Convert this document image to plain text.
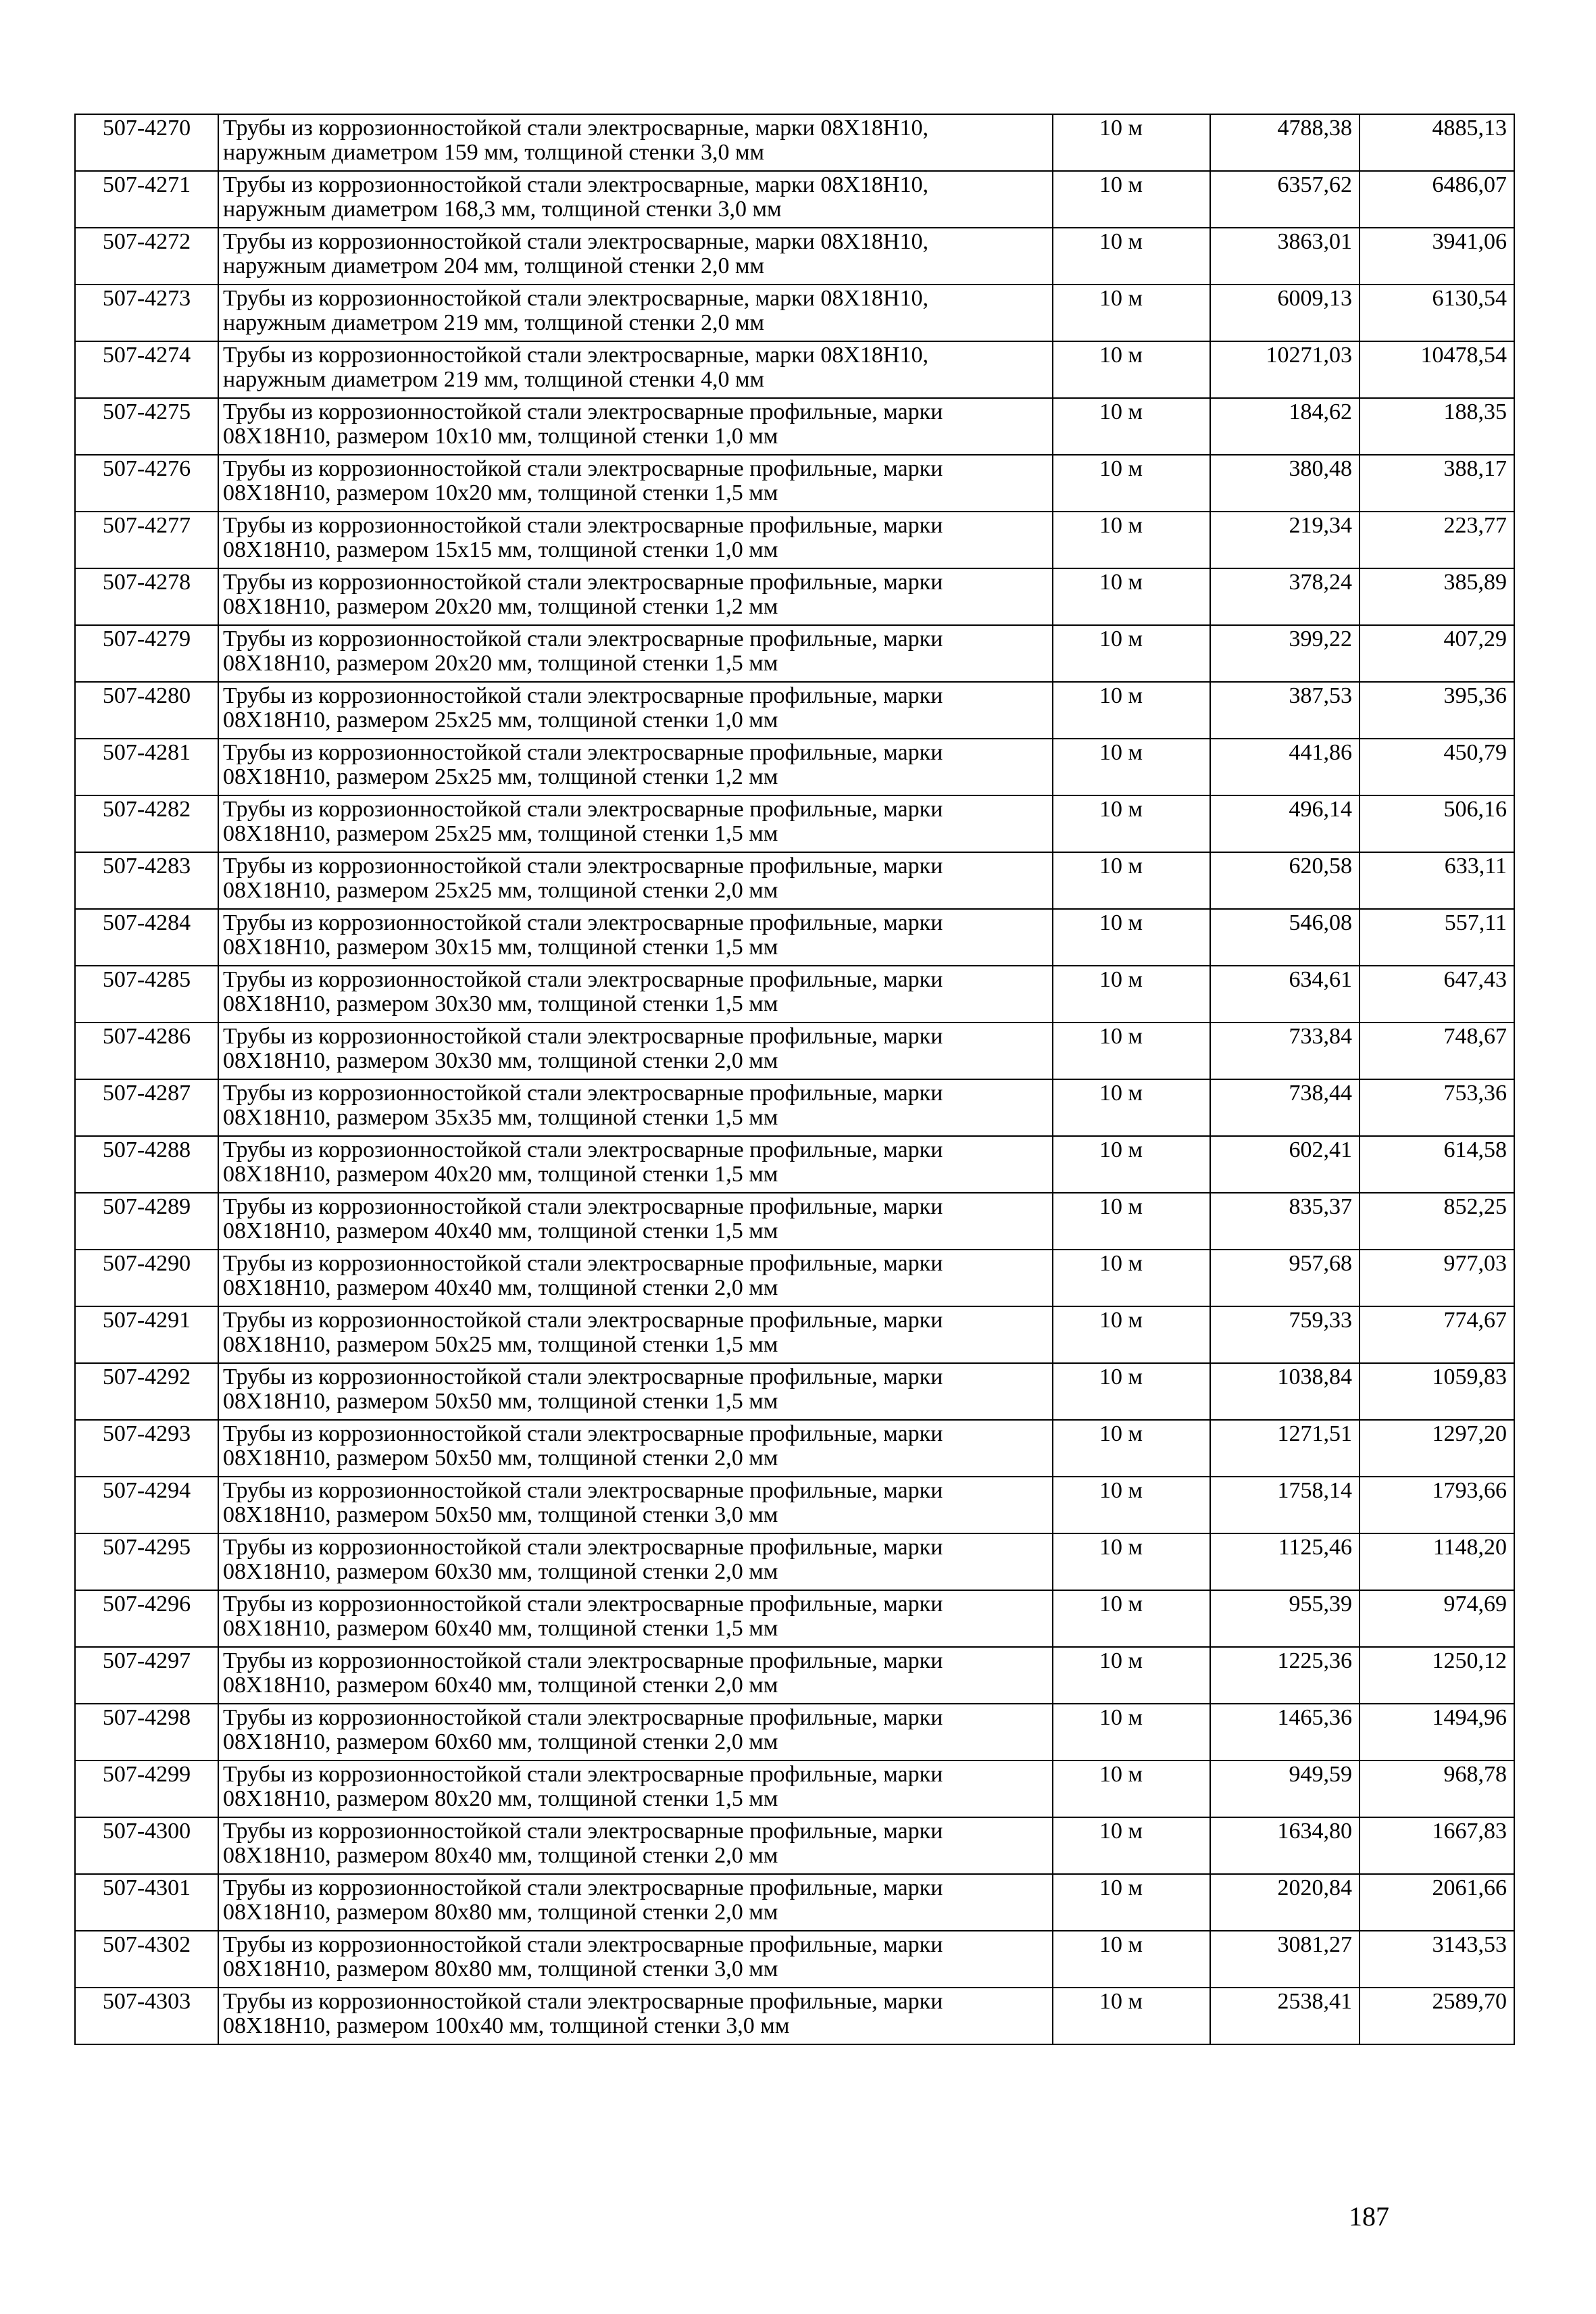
507-4270	Трубы из коррозионностойкой стали электросварные, марки 08Х18Н10,
наружным диаметром 159 мм, толщиной стенки 3,0 мм	10 м	4788,38	4885,13
507-4271	Трубы из коррозионностойкой стали электросварные, марки 08Х18Н10,
наружным диаметром 168,3 мм, толщиной стенки 3,0 мм	10 м	6357,62	6486,07
507-4272	Трубы из коррозионностойкой стали электросварные, марки 08Х18Н10,
наружным диаметром 204 мм, толщиной стенки 2,0 мм	10 м	3863,01	3941,06
507-4273	Трубы из коррозионностойкой стали электросварные, марки 08Х18Н10,
наружным диаметром 219 мм, толщиной стенки 2,0 мм	10 м	6009,13	6130,54
507-4274	Трубы из коррозионностойкой стали электросварные, марки 08Х18Н10,
наружным диаметром 219 мм, толщиной стенки 4,0 мм	10 м	10271,03	10478,54
507-4275	Трубы из коррозионностойкой стали электросварные профильные, марки
08Х18Н10, размером 10х10 мм, толщиной стенки 1,0 мм	10 м	184,62	188,35
507-4276	Трубы из коррозионностойкой стали электросварные профильные, марки
08Х18Н10, размером 10х20 мм, толщиной стенки 1,5 мм	10 м	380,48	388,17
507-4277	Трубы из коррозионностойкой стали электросварные профильные, марки
08Х18Н10, размером 15х15 мм, толщиной стенки 1,0 мм	10 м	219,34	223,77
507-4278	Трубы из коррозионностойкой стали электросварные профильные, марки
08Х18Н10, размером 20х20 мм, толщиной стенки 1,2 мм	10 м	378,24	385,89
507-4279	Трубы из коррозионностойкой стали электросварные профильные, марки
08Х18Н10, размером 20х20 мм, толщиной стенки 1,5 мм	10 м	399,22	407,29
507-4280	Трубы из коррозионностойкой стали электросварные профильные, марки
08Х18Н10, размером 25х25 мм, толщиной стенки 1,0 мм	10 м	387,53	395,36
507-4281	Трубы из коррозионностойкой стали электросварные профильные, марки
08Х18Н10, размером 25х25 мм, толщиной стенки 1,2 мм	10 м	441,86	450,79
507-4282	Трубы из коррозионностойкой стали электросварные профильные, марки
08Х18Н10, размером 25х25 мм, толщиной стенки 1,5 мм	10 м	496,14	506,16
507-4283	Трубы из коррозионностойкой стали электросварные профильные, марки
08Х18Н10, размером 25х25 мм, толщиной стенки 2,0 мм	10 м	620,58	633,11
507-4284	Трубы из коррозионностойкой стали электросварные профильные, марки
08Х18Н10, размером 30х15 мм, толщиной стенки 1,5 мм	10 м	546,08	557,11
507-4285	Трубы из коррозионностойкой стали электросварные профильные, марки
08Х18Н10, размером 30х30 мм, толщиной стенки 1,5 мм	10 м	634,61	647,43
507-4286	Трубы из коррозионностойкой стали электросварные профильные, марки
08Х18Н10, размером 30х30 мм, толщиной стенки 2,0 мм	10 м	733,84	748,67
507-4287	Трубы из коррозионностойкой стали электросварные профильные, марки
08Х18Н10, размером 35х35 мм, толщиной стенки 1,5 мм	10 м	738,44	753,36
507-4288	Трубы из коррозионностойкой стали электросварные профильные, марки
08Х18Н10, размером 40х20 мм, толщиной стенки 1,5 мм	10 м	602,41	614,58
507-4289	Трубы из коррозионностойкой стали электросварные профильные, марки
08Х18Н10, размером 40х40 мм, толщиной стенки 1,5 мм	10 м	835,37	852,25
507-4290	Трубы из коррозионностойкой стали электросварные профильные, марки
08Х18Н10, размером 40х40 мм, толщиной стенки 2,0 мм	10 м	957,68	977,03
507-4291	Трубы из коррозионностойкой стали электросварные профильные, марки
08Х18Н10, размером 50х25 мм, толщиной стенки 1,5 мм	10 м	759,33	774,67
507-4292	Трубы из коррозионностойкой стали электросварные профильные, марки
08Х18Н10, размером 50х50 мм, толщиной стенки 1,5 мм	10 м	1038,84	1059,83
507-4293	Трубы из коррозионностойкой стали электросварные профильные, марки
08Х18Н10, размером 50х50 мм, толщиной стенки 2,0 мм	10 м	1271,51	1297,20
507-4294	Трубы из коррозионностойкой стали электросварные профильные, марки
08Х18Н10, размером 50х50 мм, толщиной стенки 3,0 мм	10 м	1758,14	1793,66
507-4295	Трубы из коррозионностойкой стали электросварные профильные, марки
08Х18Н10, размером 60х30 мм, толщиной стенки 2,0 мм	10 м	1125,46	1148,20
507-4296	Трубы из коррозионностойкой стали электросварные профильные, марки
08Х18Н10, размером 60х40 мм, толщиной стенки 1,5 мм	10 м	955,39	974,69
507-4297	Трубы из коррозионностойкой стали электросварные профильные, марки
08Х18Н10, размером 60х40 мм, толщиной стенки 2,0 мм	10 м	1225,36	1250,12
507-4298	Трубы из коррозионностойкой стали электросварные профильные, марки
08Х18Н10, размером 60х60 мм, толщиной стенки 2,0 мм	10 м	1465,36	1494,96
507-4299	Трубы из коррозионностойкой стали электросварные профильные, марки
08Х18Н10, размером 80х20 мм, толщиной стенки 1,5 мм	10 м	949,59	968,78
507-4300	Трубы из коррозионностойкой стали электросварные профильные, марки
08Х18Н10, размером 80х40 мм, толщиной стенки 2,0 мм	10 м	1634,80	1667,83
507-4301	Трубы из коррозионностойкой стали электросварные профильные, марки
08Х18Н10, размером 80х80 мм, толщиной стенки 2,0 мм	10 м	2020,84	2061,66
507-4302	Трубы из коррозионностойкой стали электросварные профильные, марки
08Х18Н10, размером 80х80 мм, толщиной стенки 3,0 мм	10 м	3081,27	3143,53
507-4303	Трубы из коррозионностойкой стали электросварные профильные, марки
08Х18Н10, размером 100х40 мм, толщиной стенки 3,0 мм	10 м	2538,41	2589,70
187
